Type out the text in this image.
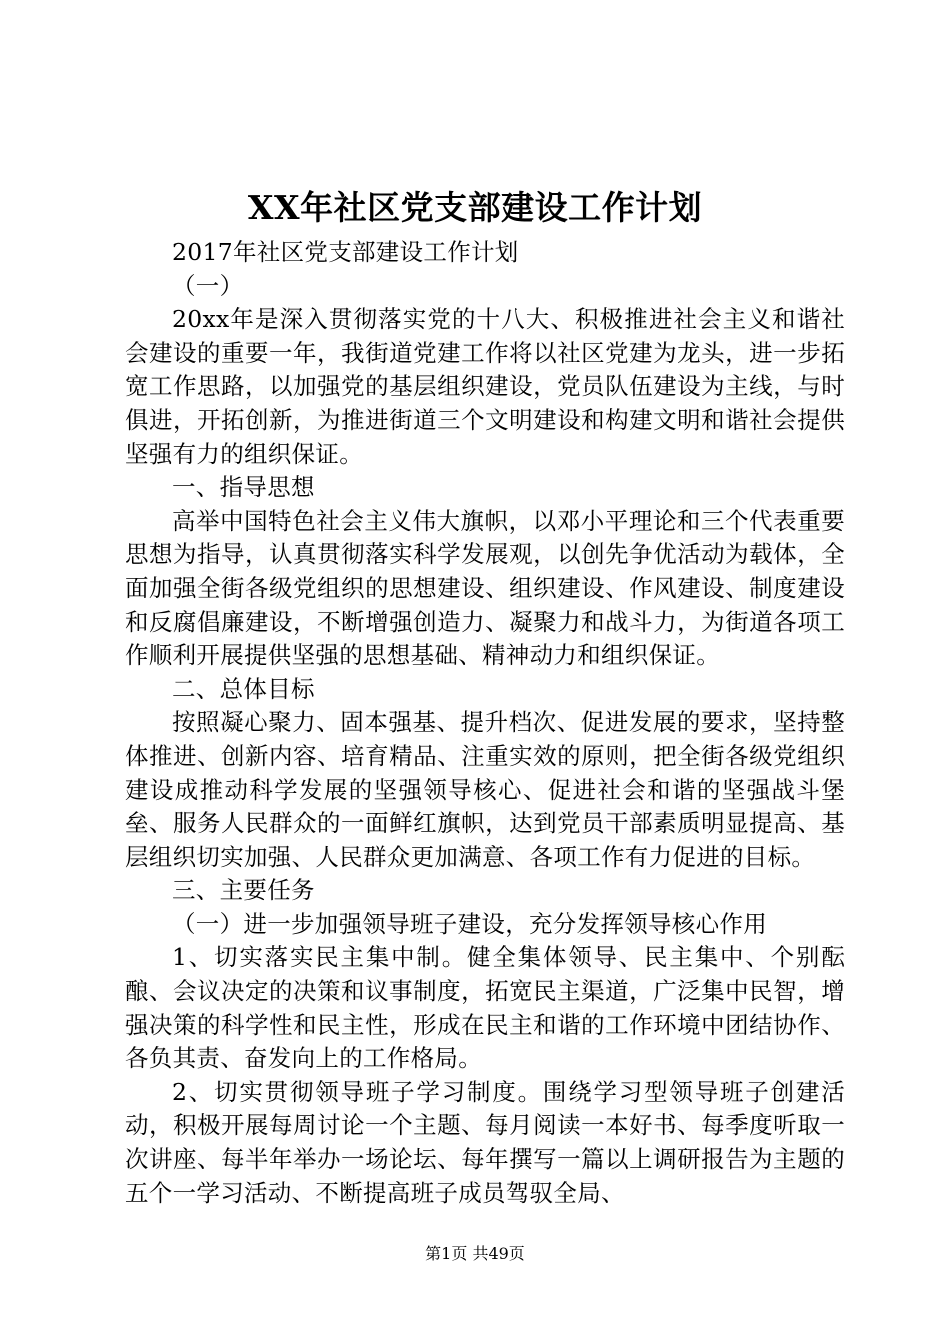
XX年社区党支部建设工作计划

2017年社区党支部建设工作计划

（一）

20xx年是深入贯彻落实党的十八大、积极推进社会主义和谐社会建设的重要一年，我街道党建工作将以社区党建为龙头，进一步拓宽工作思路，以加强党的基层组织建设，党员队伍建设为主线，与时俱进，开拓创新，为推进街道三个文明建设和构建文明和谐社会提供坚强有力的组织保证。

一、指导思想

高举中国特色社会主义伟大旗帜，以邓小平理论和三个代表重要思想为指导，认真贯彻落实科学发展观，以创先争优活动为载体，全面加强全街各级党组织的思想建设、组织建设、作风建设、制度建设和反腐倡廉建设，不断增强创造力、凝聚力和战斗力，为街道各项工作顺利开展提供坚强的思想基础、精神动力和组织保证。

二、总体目标

按照凝心聚力、固本强基、提升档次、促进发展的要求，坚持整体推进、创新内容、培育精品、注重实效的原则，把全街各级党组织建设成推动科学发展的坚强领导核心、促进社会和谐的坚强战斗堡垒、服务人民群众的一面鲜红旗帜，达到党员干部素质明显提高、基层组织切实加强、人民群众更加满意、各项工作有力促进的目标。

三、主要任务

（一）进一步加强领导班子建设，充分发挥领导核心作用

1、切实落实民主集中制。健全集体领导、民主集中、个别酝酿、会议决定的决策和议事制度，拓宽民主渠道，广泛集中民智，增强决策的科学性和民主性，形成在民主和谐的工作环境中团结协作、各负其责、奋发向上的工作格局。

2、切实贯彻领导班子学习制度。围绕学习型领导班子创建活动，积极开展每周讨论一个主题、每月阅读一本好书、每季度听取一次讲座、每半年举办一场论坛、每年撰写一篇以上调研报告为主题的五个一学习活动、不断提高班子成员驾驭全局、

第1页 共49页
